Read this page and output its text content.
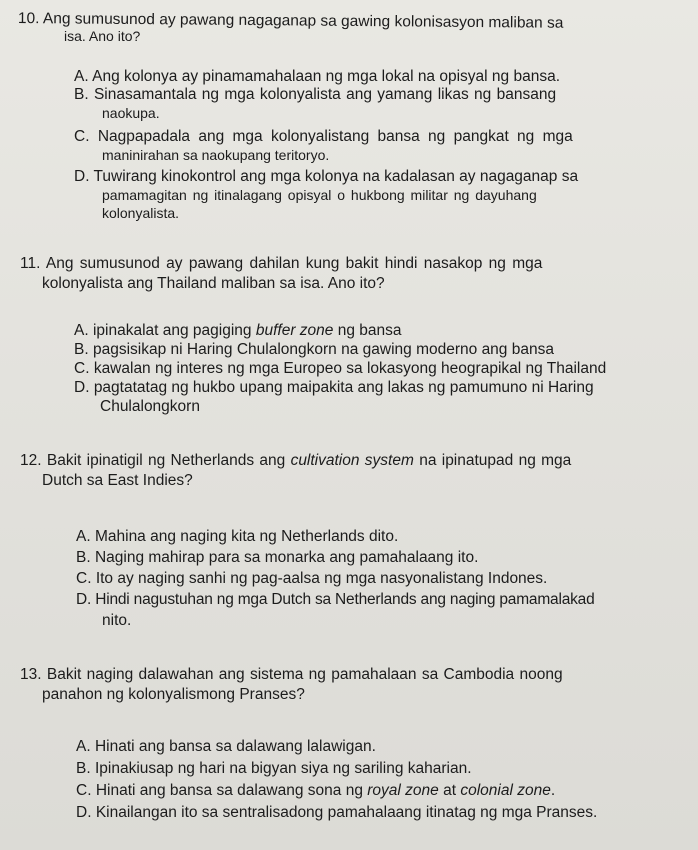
10. Ang sumusunod ay pawang nagaganap sa gawing kolonisasyon maliban sa
isa. Ano ito?
A. Ang kolonya ay pinamamahalaan ng mga lokal na opisyal ng bansa.
B. Sinasamantala ng mga kolonyalista ang yamang likas ng bansang
naokupa.
C. Nagpapadala ang mga kolonyalistang bansa ng pangkat ng mga
maninirahan sa naokupang teritoryo.
D. Tuwirang kinokontrol ang mga kolonya na kadalasan ay nagaganap sa
pamamagitan ng itinalagang opisyal o hukbong militar ng dayuhang
kolonyalista.
11. Ang sumusunod ay pawang dahilan kung bakit hindi nasakop ng mga
kolonyalista ang Thailand maliban sa isa. Ano ito?
A. ipinakalat ang pagiging buffer zone ng bansa
B. pagsisikap ni Haring Chulalongkorn na gawing moderno ang bansa
C. kawalan ng interes ng mga Europeo sa lokasyong heograpikal ng Thailand
D. pagtatatag ng hukbo upang maipakita ang lakas ng pamumuno ni Haring
Chulalongkorn
12. Bakit ipinatigil ng Netherlands ang cultivation system na ipinatupad ng mga
Dutch sa East Indies?
A. Mahina ang naging kita ng Netherlands dito.
B. Naging mahirap para sa monarka ang pamahalaang ito.
C. Ito ay naging sanhi ng pag-aalsa ng mga nasyonalistang Indones.
D. Hindi nagustuhan ng mga Dutch sa Netherlands ang naging pamamalakad
nito.
13. Bakit naging dalawahan ang sistema ng pamahalaan sa Cambodia noong
panahon ng kolonyalismong Pranses?
A. Hinati ang bansa sa dalawang lalawigan.
B. Ipinakiusap ng hari na bigyan siya ng sariling kaharian.
C. Hinati ang bansa sa dalawang sona ng royal zone at colonial zone.
D. Kinailangan ito sa sentralisadong pamahalaang itinatag ng mga Pranses.
